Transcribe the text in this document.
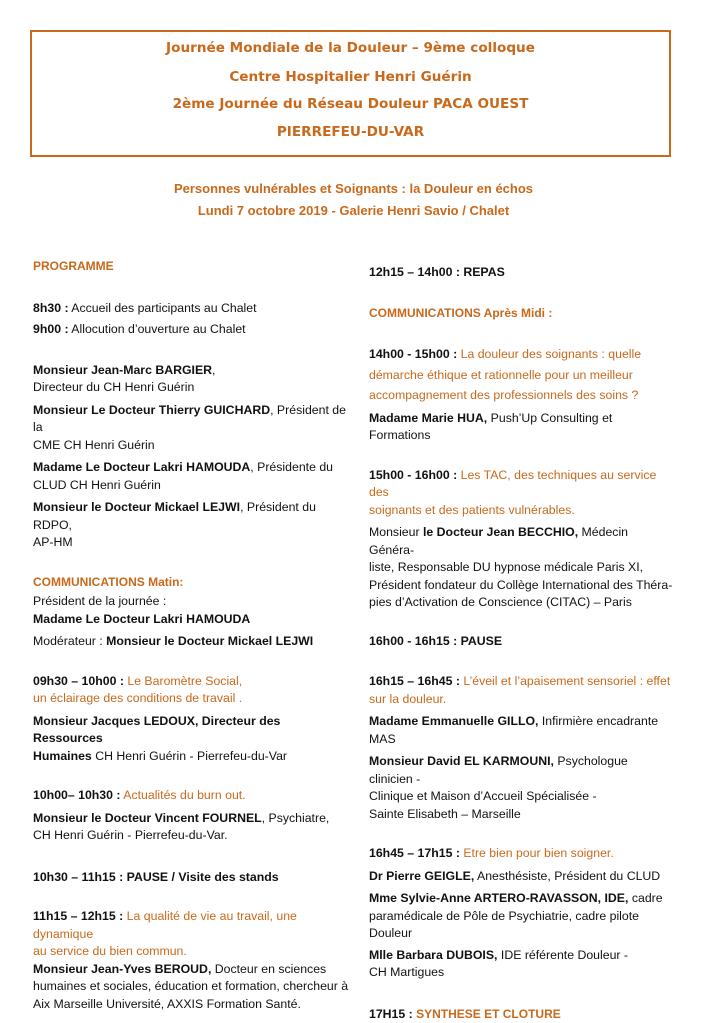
Journée Mondiale de la Douleur – 9ème colloque

Centre Hospitalier Henri Guérin

2ème Journée du Réseau Douleur PACA OUEST

PIERREFEU-DU-VAR

Personnes vulnérables et Soignants : la Douleur en échos

Lundi 7 octobre 2019 - Galerie Henri Savio / Chalet

PROGRAMME

8h30 : Accueil des participants au Chalet

9h00 : Allocution d’ouverture au Chalet

Monsieur Jean-Marc BARGIER,

Directeur du CH Henri Guérin

Monsieur Le Docteur Thierry GUICHARD, Président de la

CME CH Henri Guérin

Madame Le Docteur Lakri HAMOUDA, Présidente du

CLUD CH Henri Guérin

Monsieur le Docteur Mickael LEJWI, Président du RDPO,

AP-HM

COMMUNICATIONS Matin:

Président de la journée :

Madame Le Docteur Lakri HAMOUDA

Modérateur : Monsieur le Docteur Mickael LEJWI

09h30 – 10h00 : Le Baromètre Social,

un éclairage des conditions de travail .

Monsieur Jacques LEDOUX, Directeur des Ressources

Humaines CH Henri Guérin - Pierrefeu-du-Var

10h00– 10h30 : Actualités du burn out.

Monsieur le Docteur Vincent FOURNEL, Psychiatre,

CH Henri Guérin - Pierrefeu-du-Var.

10h30 – 11h15 : PAUSE / Visite des stands

11h15 – 12h15 : La qualité de vie au travail, une dynamique

au service du bien commun.

Monsieur Jean-Yves BEROUD, Docteur en sciences

humaines et sociales, éducation et formation, chercheur à

Aix Marseille Université, AXXIS Formation Santé.

12h15 – 14h00 : REPAS

COMMUNICATIONS Après Midi :

14h00 - 15h00 : La douleur des soignants : quelle

démarche éthique et rationnelle pour un meilleur

accompagnement des professionnels des soins ?

Madame Marie HUA, Push’Up Consulting et Formations

15h00 - 16h00 : Les TAC, des techniques au service des

soignants et des patients vulnérables.

Monsieur le Docteur Jean BECCHIO, Médecin Généra-

liste, Responsable DU hypnose médicale Paris XI,

Président fondateur du Collège International des Théra-

pies d’Activation de Conscience (CITAC) – Paris

16h00 - 16h15 : PAUSE

16h15 – 16h45 : L’éveil et l’apaisement sensoriel : effet

sur la douleur.

Madame Emmanuelle GILLO, Infirmière encadrante MAS

Monsieur David EL KARMOUNI, Psychologue clinicien -

Clinique et Maison d’Accueil Spécialisée -

Sainte Elisabeth – Marseille

16h45 – 17h15 : Etre bien pour bien soigner.

Dr Pierre GEIGLE, Anesthésiste, Président du CLUD

Mme Sylvie-Anne ARTERO-RAVASSON, IDE, cadre

paramédicale de Pôle de Psychiatrie, cadre pilote Douleur

Mlle Barbara DUBOIS, IDE référente Douleur -

CH Martigues

17H15 : SYNTHESE ET CLOTURE
